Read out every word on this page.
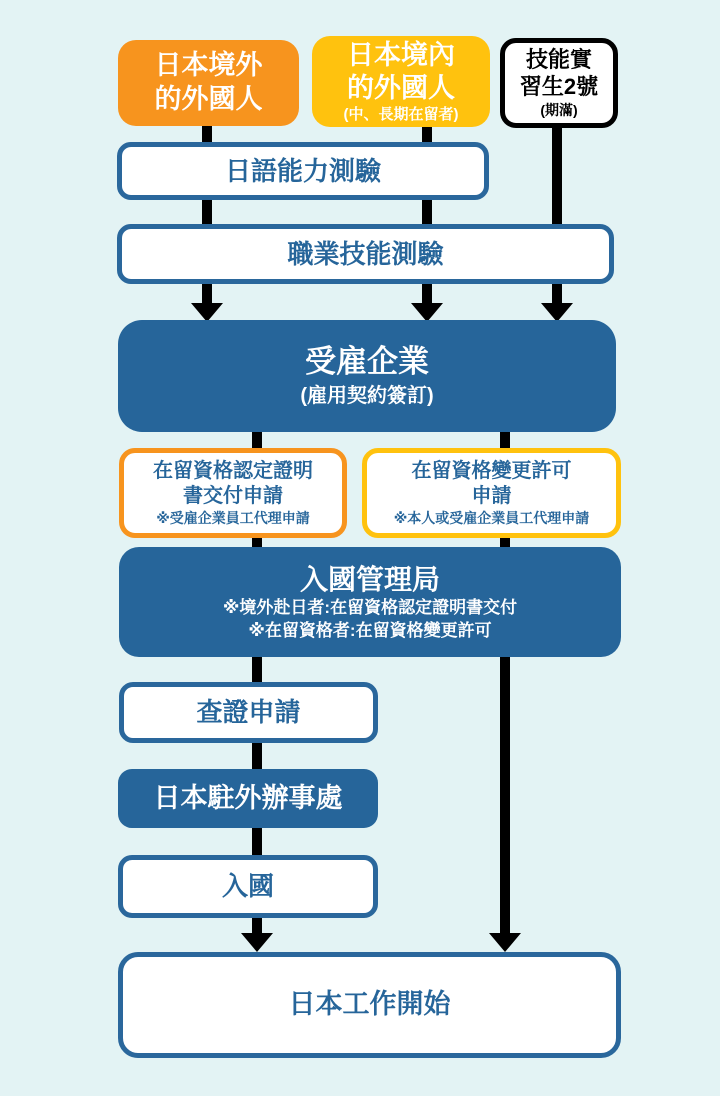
日本境外
的外國人
日本境內
的外國人
(中、長期在留者)
技能實
習生2號
(期滿)
日語能力測驗
職業技能測驗
受雇企業
(雇用契約簽訂)
在留資格認定證明
書交付申請
※受雇企業員工代理申請
在留資格變更許可
申請
※本人或受雇企業員工代理申請
入國管理局
※境外赴日者:在留資格認定證明書交付
※在留資格者:在留資格變更許可
查證申請
日本駐外辦事處
入國
日本工作開始
